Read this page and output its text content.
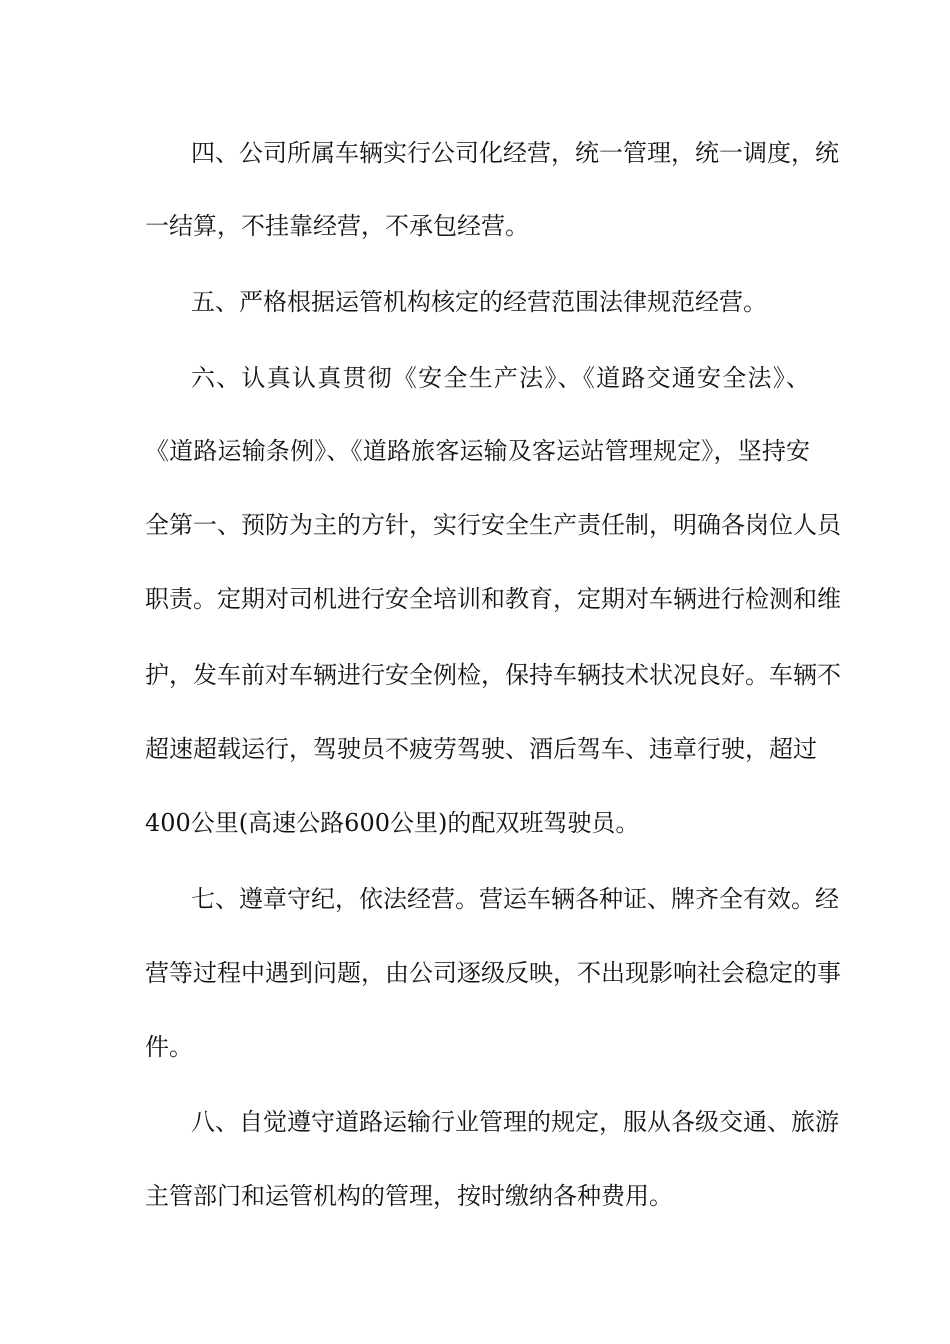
四、公司所属车辆实行公司化经营，统一管理，统一调度，统
一结算，不挂靠经营，不承包经营。
五、严格根据运管机构核定的经营范围法律规范经营。
六、认真认真贯彻《安全生产法》、《道路交通安全法》、
《道路运输条例》、《道路旅客运输及客运站管理规定》，坚持安
全第一、预防为主的方针，实行安全生产责任制，明确各岗位人员
职责。定期对司机进行安全培训和教育，定期对车辆进行检测和维
护，发车前对车辆进行安全例检，保持车辆技术状况良好。车辆不
超速超载运行，驾驶员不疲劳驾驶、酒后驾车、违章行驶，超过
400公里(高速公路600公里)的配双班驾驶员。
七、遵章守纪，依法经营。营运车辆各种证、牌齐全有效。经
营等过程中遇到问题，由公司逐级反映，不出现影响社会稳定的事
件。
八、自觉遵守道路运输行业管理的规定，服从各级交通、旅游
主管部门和运管机构的管理，按时缴纳各种费用。
